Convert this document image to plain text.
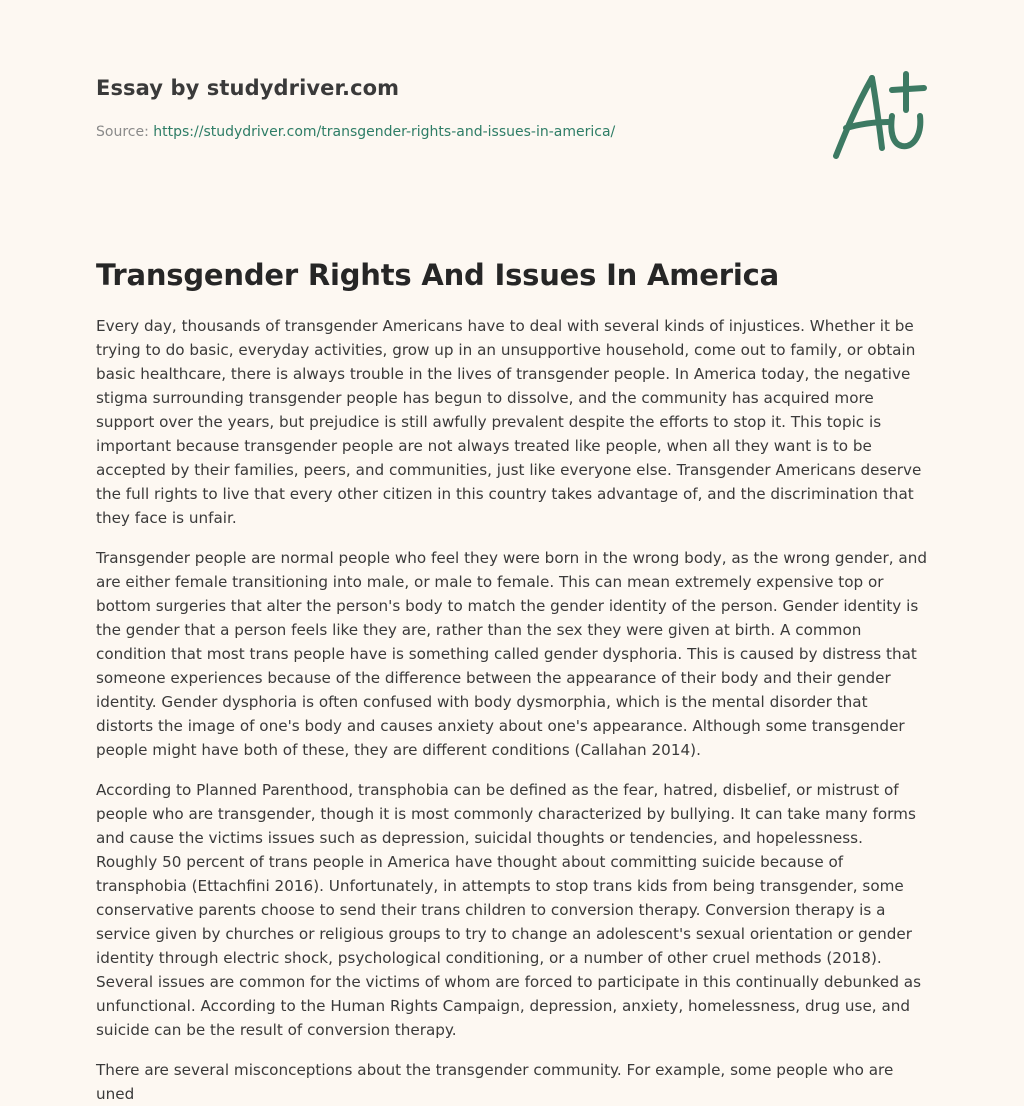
Essay by studydriver.com
Source: https://studydriver.com/transgender-rights-and-issues-in-america/
Transgender Rights And Issues In America

Every day, thousands of transgender Americans have to deal with several kinds of injustices. Whether it be trying to do basic, everyday activities, grow up in an unsupportive household, come out to family, or obtain basic healthcare, there is always trouble in the lives of transgender people. In America today, the negative stigma surrounding transgender people has begun to dissolve, and the community has acquired more support over the years, but prejudice is still awfully prevalent despite the efforts to stop it. This topic is important because transgender people are not always treated like people, when all they want is to be accepted by their families, peers, and communities, just like everyone else. Transgender Americans deserve the full rights to live that every other citizen in this country takes advantage of, and the discrimination that they face is unfair.

Transgender people are normal people who feel they were born in the wrong body, as the wrong gender, and are either female transitioning into male, or male to female. This can mean extremely expensive top or bottom surgeries that alter the person's body to match the gender identity of the person. Gender identity is the gender that a person feels like they are, rather than the sex they were given at birth. A common condition that most trans people have is something called gender dysphoria. This is caused by distress that someone experiences because of the difference between the appearance of their body and their gender identity. Gender dysphoria is often confused with body dysmorphia, which is the mental disorder that distorts the image of one's body and causes anxiety about one's appearance. Although some transgender people might have both of these, they are different conditions (Callahan 2014).

According to Planned Parenthood, transphobia can be defined as the fear, hatred, disbelief, or mistrust of people who are transgender, though it is most commonly characterized by bullying. It can take many forms and cause the victims issues such as depression, suicidal thoughts or tendencies, and hopelessness. Roughly 50 percent of trans people in America have thought about committing suicide because of transphobia (Ettachfini 2016). Unfortunately, in attempts to stop trans kids from being transgender, some conservative parents choose to send their trans children to conversion therapy. Conversion therapy is a service given by churches or religious groups to try to change an adolescent's sexual orientation or gender identity through electric shock, psychological conditioning, or a number of other cruel methods (2018). Several issues are common for the victims of whom are forced to participate in this continually debunked as unfunctional. According to the Human Rights Campaign, depression, anxiety, homelessness, drug use, and suicide can be the result of conversion therapy.

There are several misconceptions about the transgender community. For example, some people who are uned
